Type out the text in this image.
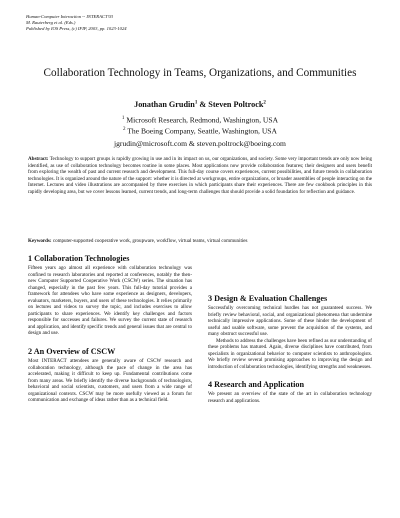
Human-Computer Interaction -- INTERACT'03
M. Rauterberg et al. (Eds.)
Published by IOS Press, (c) IFIP, 2003, pp. 1023-1024
Collaboration Technology in Teams, Organizations, and Communities
Jonathan Grudin$^1$ & Steven Poltrock$^2$
$^1$ Microsoft Research, Redmond, Washington, USA
$^2$ The Boeing Company, Seattle, Washington, USA
jgrudin@microsoft.com & steven.poltrock@boeing.com
Abstract: Technology to support groups is rapidly growing in use and in its impact on us, our organizations, and society. Some very important trends are only now being identified, as use of collaboration technology becomes routine in some places. Most applications now provide collaboration features; their designers and users benefit from exploring the wealth of past and current research and development. This full-day course covers experiences, current possibilities, and future trends in collaboration technologies. It is organized around the nature of the support: whether it is directed at workgroups, entire organizations, or broader assemblies of people interacting on the Internet. Lectures and video illustrations are accompanied by three exercises in which participants share their experiences. There are few cookbook principles in this rapidly developing area, but we cover lessons learned, current trends, and long-term challenges that should provide a solid foundation for reflection and guidance.
Keywords: computer-supported cooperative work, groupware, workflow, virtual teams, virtual communities
1 Collaboration Technologies

Fifteen years ago almost all experience with collaboration technology was confined to research laboratories and reported at conferences, notably the then-new Computer Supported Cooperative Work (CSCW) series. The situation has changed, especially in the past few years. This full-day tutorial provides a framework for attendees who have some experience as designers, developers, evaluators, marketers, buyers, and users of these technologies. It relies primarily on lectures and videos to survey the topic, and includes exercises to allow participants to share experiences. We identify key challenges and factors responsible for successes and failures. We survey the current state of research and application, and identify specific trends and general issues that are central to design and use.

2 An Overview of CSCW

Most INTERACT attendees are generally aware of CSCW research and collaboration technology, although the pace of change in the area has accelerated, making it difficult to keep up. Fundamental contributions come from many areas. We briefly identify the diverse backgrounds of technologists, behavioral and social scientists, customers, and users from a wide range of organizational contexts. CSCW may be more usefully viewed as a forum for communication and exchange of ideas rather than as a technical field.

3 Design & Evaluation Challenges

Successfully overcoming technical hurdles has not guaranteed success. We briefly review behavioral, social, and organizational phenomena that undermine technically impressive applications. Some of these hinder the development of useful and usable software, some prevent the acquisition of the systems, and many obstruct successful use.

Methods to address the challenges have been refined as our understanding of these problems has matured. Again, diverse disciplines have contributed, from specialists in organizational behavior to computer scientists to anthropologists. We briefly review several promising approaches to improving the design and introduction of collaboration technologies, identifying strengths and weaknesses.

4 Research and Application

We present an overview of the state of the art in collaboration technology research and applications.
